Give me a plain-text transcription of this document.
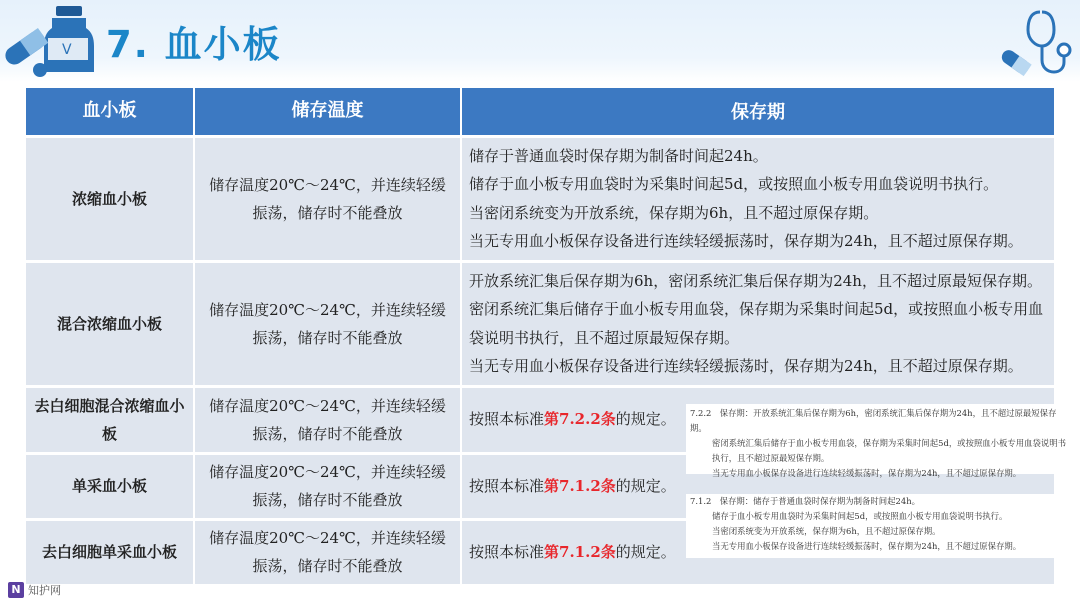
V 7. 血小板
血小板	储存温度	保存期
浓缩血小板	储存温度20℃～24℃，并连续轻缓振荡，储存时不能叠放	储存于普通血袋时保存期为制备时间起24h。

储存于血小板专用血袋时为采集时间起5d，或按照血小板专用血袋说明书执行。

当密闭系统变为开放系统，保存期为6h，且不超过原保存期。

当无专用血小板保存设备进行连续轻缓振荡时，保存期为24h，且不超过原保存期。

混合浓缩血小板	储存温度20℃～24℃，并连续轻缓振荡，储存时不能叠放	开放系统汇集后保存期为6h，密闭系统汇集后保存期为24h，且不超过原最短保存期。

密闭系统汇集后储存于血小板专用血袋，保存期为采集时间起5d，或按照血小板专用血袋说明书执行，且不超过原最短保存期。

当无专用血小板保存设备进行连续轻缓振荡时，保存期为24h，且不超过原保存期。

去白细胞混合浓缩血小板	储存温度20℃～24℃，并连续轻缓振荡，储存时不能叠放	按照本标准第7.2.2条的规定。
单采血小板	储存温度20℃～24℃，并连续轻缓振荡，储存时不能叠放	按照本标准第7.1.2条的规定。
去白细胞单采血小板	储存温度20℃～24℃，并连续轻缓振荡，储存时不能叠放	按照本标准第7.1.2条的规定。

7.2.2　保存期：开放系统汇集后保存期为6h，密闭系统汇集后保存期为24h，且不超过原最短保存期。

密闭系统汇集后储存于血小板专用血袋，保存期为采集时间起5d，或按照血小板专用血袋说明书执行，且不超过原最短保存期。

当无专用血小板保存设备进行连续轻缓振荡时，保存期为24h，且不超过原保存期。

7.1.2　保存期：储存于普通血袋时保存期为制备时间起24h。

储存于血小板专用血袋时为采集时间起5d，或按照血小板专用血袋说明书执行。

当密闭系统变为开放系统，保存期为6h，且不超过原保存期。

当无专用血小板保存设备进行连续轻缓振荡时，保存期为24h，且不超过原保存期。

N 知护网
